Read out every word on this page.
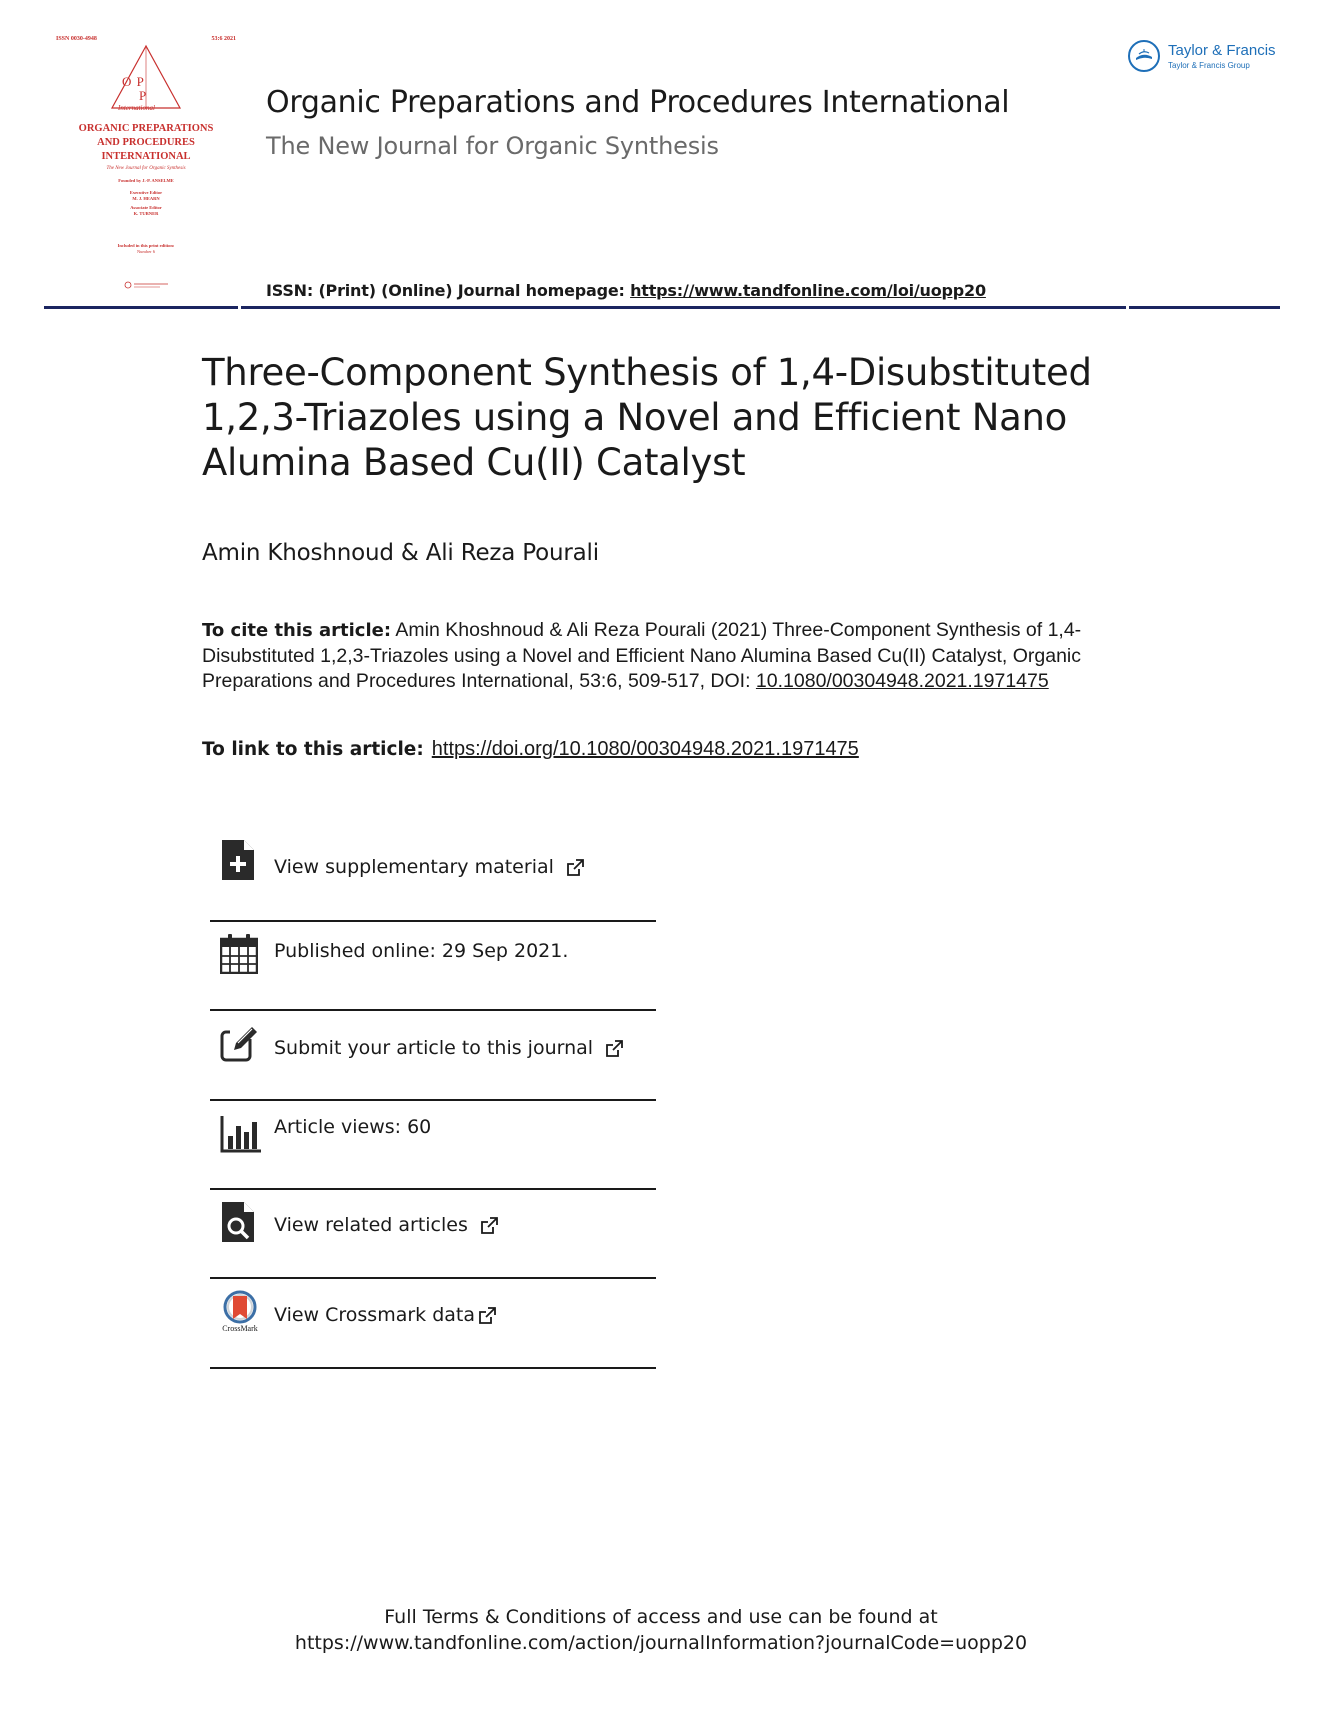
ISSN 0030-4948	53:6 2021
O P
P
International
ORGANIC PREPARATIONS
AND PROCEDURES
INTERNATIONAL
The New Journal for Organic Synthesis
Founded by J.-P. ANSELME
Executive Editor
M. J. HEARN
Associate Editor
K. TURNER
Included in this print edition:
Number 6
Taylor & Francis
Taylor & Francis Group
Organic Preparations and Procedures International
The New Journal for Organic Synthesis
ISSN: (Print) (Online) Journal homepage: https://www.tandfonline.com/loi/uopp20
Three-Component Synthesis of 1,4-Disubstituted 1,2,3-Triazoles using a Novel and Efficient Nano Alumina Based Cu(II) Catalyst
Amin Khoshnoud & Ali Reza Pourali
To cite this article: Amin Khoshnoud & Ali Reza Pourali (2021) Three-Component Synthesis of 1,4-Disubstituted 1,2,3-Triazoles using a Novel and Efficient Nano Alumina Based Cu(II) Catalyst, Organic Preparations and Procedures International, 53:6, 509-517, DOI: 10.1080/00304948.2021.1971475
To link to this article: https://doi.org/10.1080/00304948.2021.1971475
View supplementary material
Published online: 29 Sep 2021.
Submit your article to this journal
Article views: 60
View related articles
CrossMark
View Crossmark data
Full Terms & Conditions of access and use can be found at
https://www.tandfonline.com/action/journalInformation?journalCode=uopp20
